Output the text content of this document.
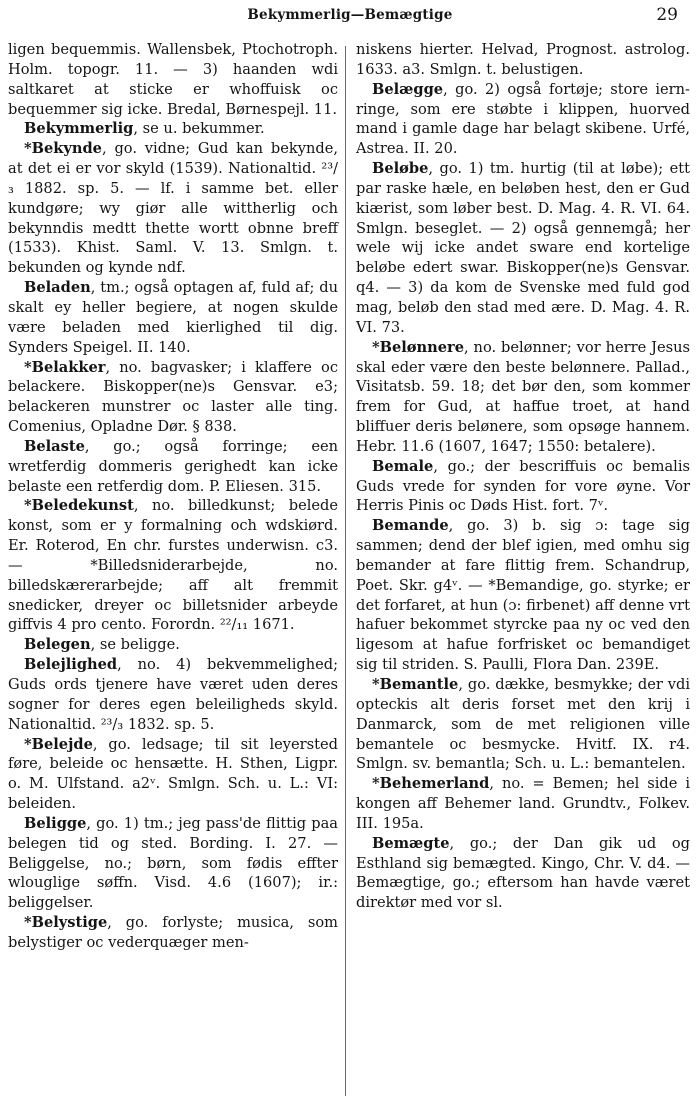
Bekymmerlig—Bemægtige	29

ligen bequemmis. Wallensbek, Ptochotroph. Holm. topogr. 11. — 3) haanden wdi saltkaret at sticke er whoffuisk oc bequemmer sig icke. Bredal, Børnespejl. 11.

Bekymmerlig, se u. bekummer.

*Bekynde, go. vidne; Gud kan bekynde, at det ei er vor skyld (1539). Nationaltid. ²³/₃ 1882. sp. 5. — lf. i samme bet. eller kundgøre; wy giør alle wittherlig och bekynndis medtt thette wortt obnne breff (1533). Khist. Saml. V. 13. Smlgn. t. bekunden og kynde ndf.

Beladen, tm.; også optagen af, fuld af; du skalt ey heller begiere, at nogen skulde være beladen med kierlighed til dig. Synders Speigel. II. 140.

*Belakker, no. bagvasker; i klaffere oc belackere. Biskopper(ne)s Gensvar. e3; belackeren munstrer oc laster alle ting. Comenius, Opladne Dør. § 838.

Belaste, go.; også forringe; een wretferdig dommeris gerighedt kan icke belaste een retferdig dom. P. Eliesen. 315.

*Beledekunst, no. billedkunst; belede konst, som er y formalning och wdskiørd. Er. Roterod, En chr. furstes underwisn. c3. — *Billedsniderarbejde, no. billedskærerarbejde; aff alt fremmit snedicker, dreyer oc billetsnider arbeyde giffvis 4 pro cento. Forordn. ²²/₁₁ 1671.

Belegen, se beligge.

Belejlighed, no. 4) bekvemmelighed; Guds ords tjenere have været uden deres sogner for deres egen beleiligheds skyld. Nationaltid. ²³/₃ 1832. sp. 5.

*Belejde, go. ledsage; til sit leyersted føre, beleide oc hensætte. H. Sthen, Ligpr. o. M. Ulfstand. a2ᵛ. Smlgn. Sch. u. L.: VI: beleiden.

Beligge, go. 1) tm.; jeg pass'de flittig paa belegen tid og sted. Bording. I. 27. — Beliggelse, no.; børn, som fødis effter wlouglige søffn. Visd. 4.6 (1607); ir.: beliggelser.

*Belystige, go. forlyste; musica, som belystiger oc vederquæger men-

niskens hierter. Helvad, Prognost. astrolog. 1633. a3. Smlgn. t. belustigen.

Belægge, go. 2) også fortøje; store iern-ringe, som ere støbte i klippen, huorved mand i gamle dage har belagt skibene. Urfé, Astrea. II. 20.

Beløbe, go. 1) tm. hurtig (til at løbe); ett par raske hæle, en beløben hest, den er Gud kiærist, som løber best. D. Mag. 4. R. VI. 64. Smlgn. beseglet. — 2) også gennemgå; her wele wij icke andet sware end kortelige beløbe edert swar. Biskopper(ne)s Gensvar. q4. — 3) da kom de Svenske med fuld god mag, beløb den stad med ære. D. Mag. 4. R. VI. 73.

*Belønnere, no. belønner; vor herre Jesus skal eder være den beste belønnere. Pallad., Visitatsb. 59. 18; det bør den, som kommer frem for Gud, at haffue troet, at hand bliffuer deris belønere, som opsøge hannem. Hebr. 11.6 (1607, 1647; 1550: betalere).

Bemale, go.; der bescriffuis oc bemalis Guds vrede for synden for vore øyne. Vor Herris Pinis oc Døds Hist. fort. 7ᵛ.

Bemande, go. 3) b. sig ɔ: tage sig sammen; dend der blef igien, med omhu sig bemander at fare flittig frem. Schandrup, Poet. Skr. g4ᵛ. — *Bemandige, go. styrke; er det forfaret, at hun (ɔ: firbenet) aff denne vrt hafuer bekommet styrcke paa ny oc ved den ligesom at hafue forfrisket oc bemandiget sig til striden. S. Paulli, Flora Dan. 239E.

*Bemantle, go. dække, besmykke; der vdi opteckis alt deris forset met den krij i Danmarck, som de met religionen ville bemantele oc besmycke. Hvitf. IX. r4. Smlgn. sv. bemantla; Sch. u. L.: bemantelen.

*Behemerland, no. = Bemen; hel side i kongen aff Behemer land. Grundtv., Folkev. III. 195a.

Bemægte, go.; der Dan gik ud og Esthland sig bemægted. Kingo, Chr. V. d4. — Bemægtige, go.; eftersom han havde været direktør med vor sl.
